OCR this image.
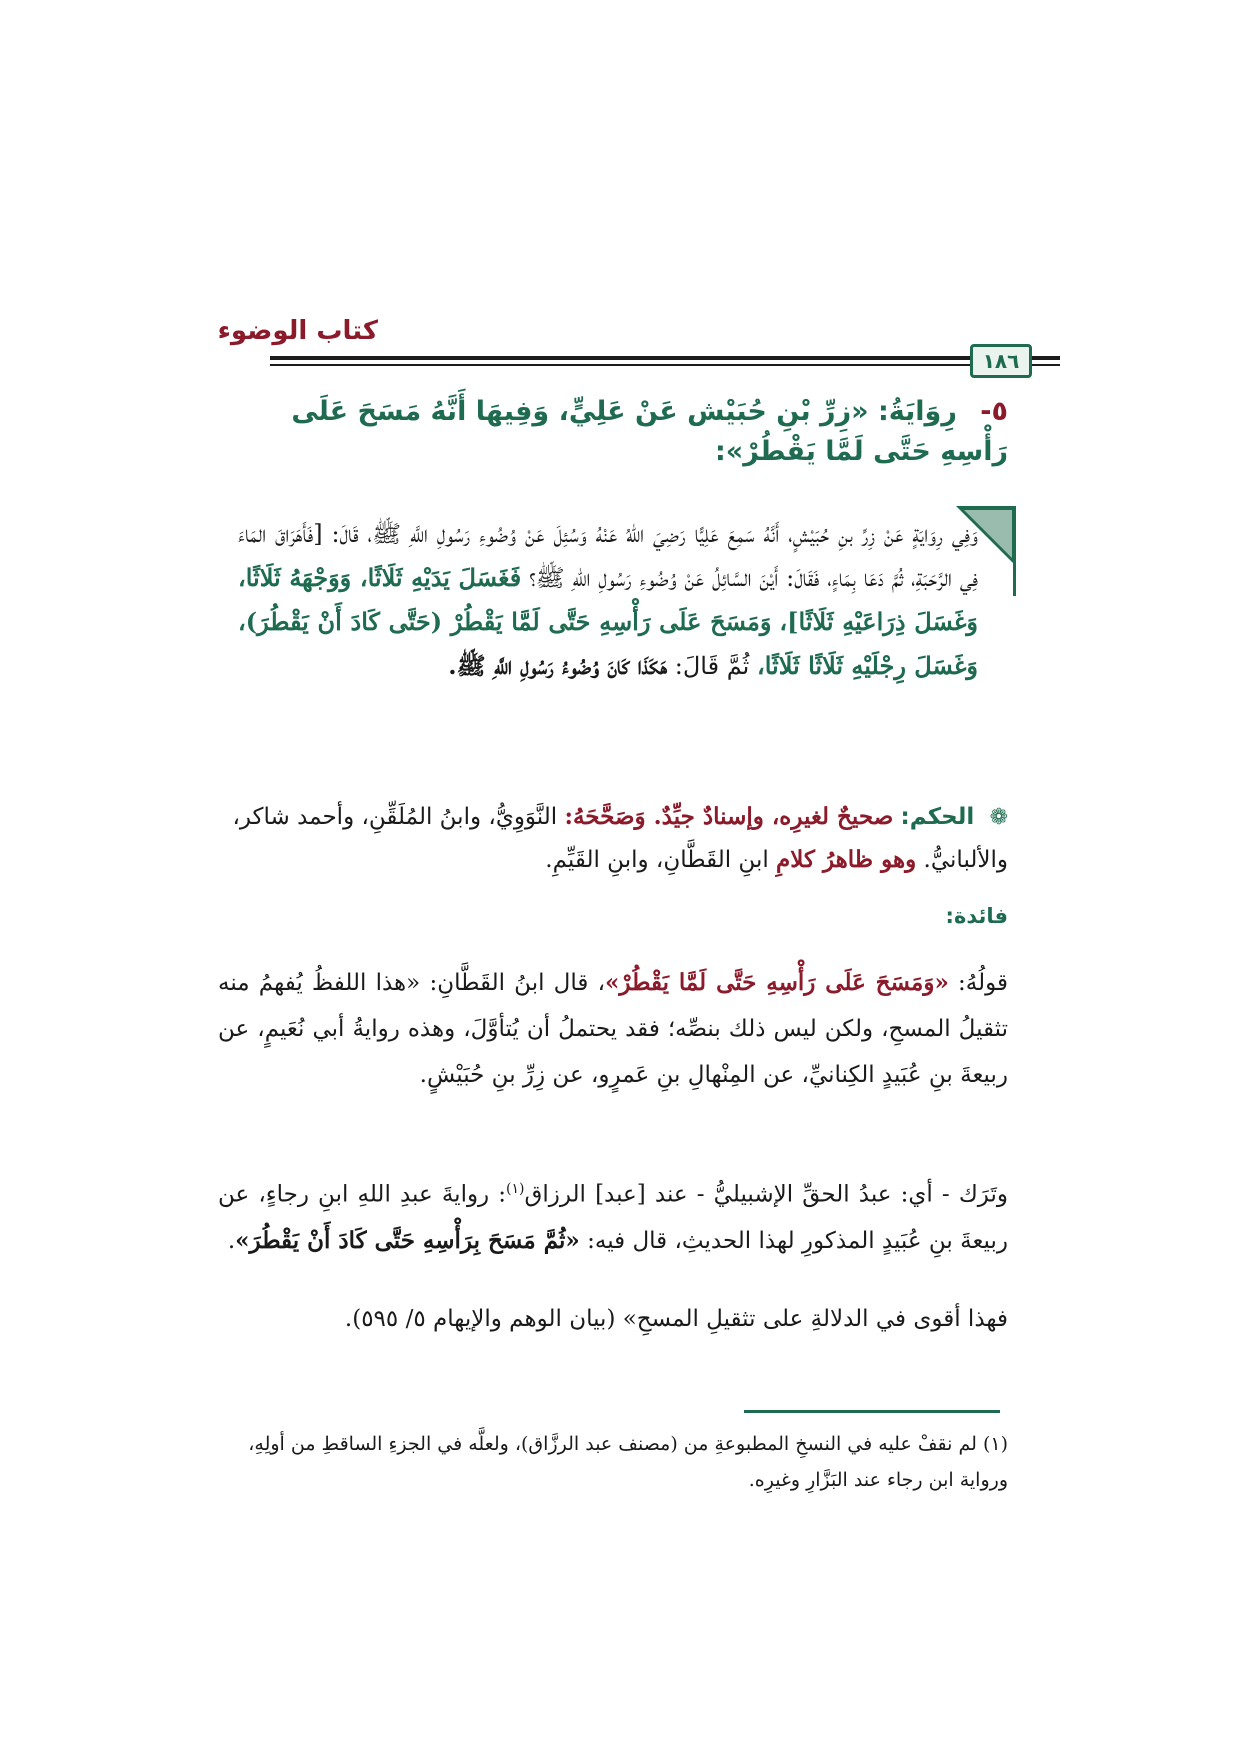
كتاب الوضوء
١٨٦
٥- رِوَايَةُ: «زِرِّ بْنِ حُبَيْش عَنْ عَلِيٍّ، وَفِيهَا أَنَّهُ مَسَحَ عَلَى رَأْسِهِ حَتَّى لَمَّا يَقْطُرْ»:
وَفِي رِوَايَةٍ عَنْ زِرِّ بنِ حُبَيْشٍ، أَنَّهُ سَمِعَ عَلِيًّا رَضِيَ اللهُ عَنْهُ وَسُئِلَ عَنْ وُضُوءِ رَسُولِ اللَّهِ ﷺ، قَالَ: [فَأَهَرَاقَ المَاءَ فِي الرَّحَبَةِ، ثُمَّ دَعَا بِمَاءٍ، فَقَالَ: أَيْنَ السَّائِلُ عَنْ وُضُوءِ رَسُولِ اللهِ ﷺ؟ فَغَسَلَ يَدَيْهِ ثَلَاثًا، وَوَجْهَهُ ثَلَاثًا، وَغَسَلَ ذِرَاعَيْهِ ثَلَاثًا]، وَمَسَحَ عَلَى رَأْسِهِ حَتَّى لَمَّا يَقْطُرْ (حَتَّى كَادَ أَنْ يَقْطُرَ)، وَغَسَلَ رِجْلَيْهِ ثَلَاثًا ثَلَاثًا، ثُمَّ قَالَ: هَكَذَا كَانَ وُضُوءُ رَسُولِ اللَّهِ ﷺ.
❁ الحكم: صحيحٌ لغيرِه، وإسنادٌ جيِّدٌ. وَصَحَّحَهُ: النَّوَوِيُّ، وابنُ المُلَقِّنِ، وأحمد شاكر، والألبانيُّ. وهو ظاهرُ كلامِ ابنِ القَطَّانِ، وابنِ القَيِّمِ.
فائدة:
قولُهُ: «وَمَسَحَ عَلَى رَأْسِهِ حَتَّى لَمَّا يَقْطُرْ»، قال ابنُ القَطَّانِ: «هذا اللفظُ يُفهمُ منه تثقيلُ المسحِ، ولكن ليس ذلك بنصِّه؛ فقد يحتملُ أن يُتأوَّلَ، وهذه روايةُ أبي نُعَيمٍ، عن ربيعةَ بنِ عُبَيدٍ الكِنانيِّ، عن المِنْهالِ بنِ عَمرٍو، عن زِرِّ بنِ حُبَيْشٍ.
وتَرَك - أي: عبدُ الحقِّ الإشبيليُّ - عند [عبد] الرزاق$^{(١)}$: روايةَ عبدِ اللهِ ابنِ رجاءٍ، عن ربيعةَ بنِ عُبَيدٍ المذكورِ لهذا الحديثِ، قال فيه: «ثُمَّ مَسَحَ بِرَأْسِهِ حَتَّى كَادَ أَنْ يَقْطُرَ».
فهذا أقوى في الدلالةِ على تثقيلِ المسحِ» (بيان الوهم والإيهام ٥/ ٥٩٥).
(١) لم نقفْ عليه في النسخِ المطبوعةِ من (مصنف عبد الرزَّاق)، ولعلَّه في الجزءِ الساقطِ من أولِهِ، ورواية ابن رجاء عند البَزَّارِ وغيرِه.
